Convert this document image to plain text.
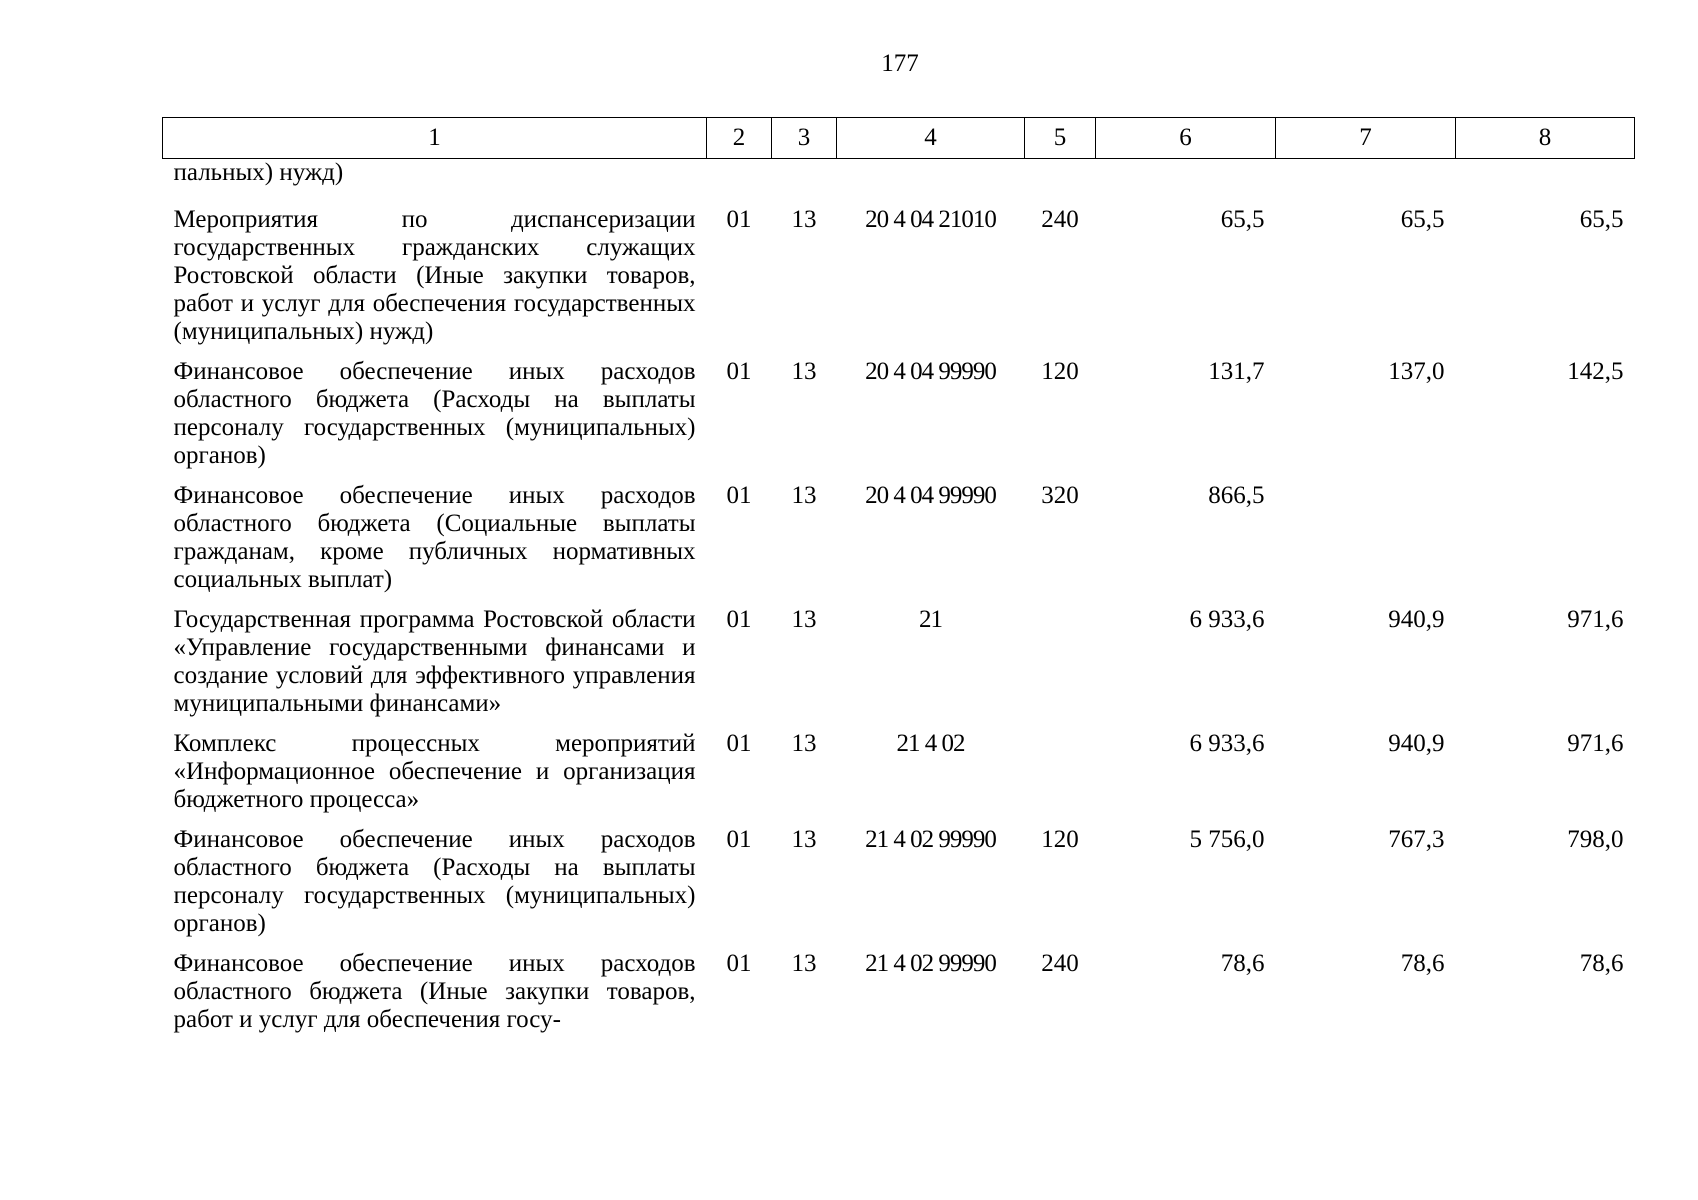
177
1	2	3	4	5	6	7	8
пальных) нужд)							
Мероприятия по диспансеризации государственных гражданских служащих Ростовской области (Иные закупки товаров, работ и услуг для обеспечения государственных (муниципальных) нужд)	01	13	20 4 04 21010	240	65,5	65,5	65,5
Финансовое обеспечение иных расходов областного бюджета (Расходы на выплаты персоналу государственных (муниципальных) органов)	01	13	20 4 04 99990	120	131,7	137,0	142,5
Финансовое обеспечение иных расходов областного бюджета (Социальные выплаты гражданам, кроме публичных нормативных социальных выплат)	01	13	20 4 04 99990	320	866,5		
Государственная программа Ростовской области «Управление государственными финансами и создание условий для эффективного управления муниципальными финансами»	01	13	21		6 933,6	940,9	971,6
Комплекс процессных мероприятий «Информационное обеспечение и организация бюджетного процесса»	01	13	21 4 02		6 933,6	940,9	971,6
Финансовое обеспечение иных расходов областного бюджета (Расходы на выплаты персоналу государственных (муниципальных) органов)	01	13	21 4 02 99990	120	5 756,0	767,3	798,0
Финансовое обеспечение иных расходов областного бюджета (Иные закупки товаров, работ и услуг для обеспечения госу-	01	13	21 4 02 99990	240	78,6	78,6	78,6
